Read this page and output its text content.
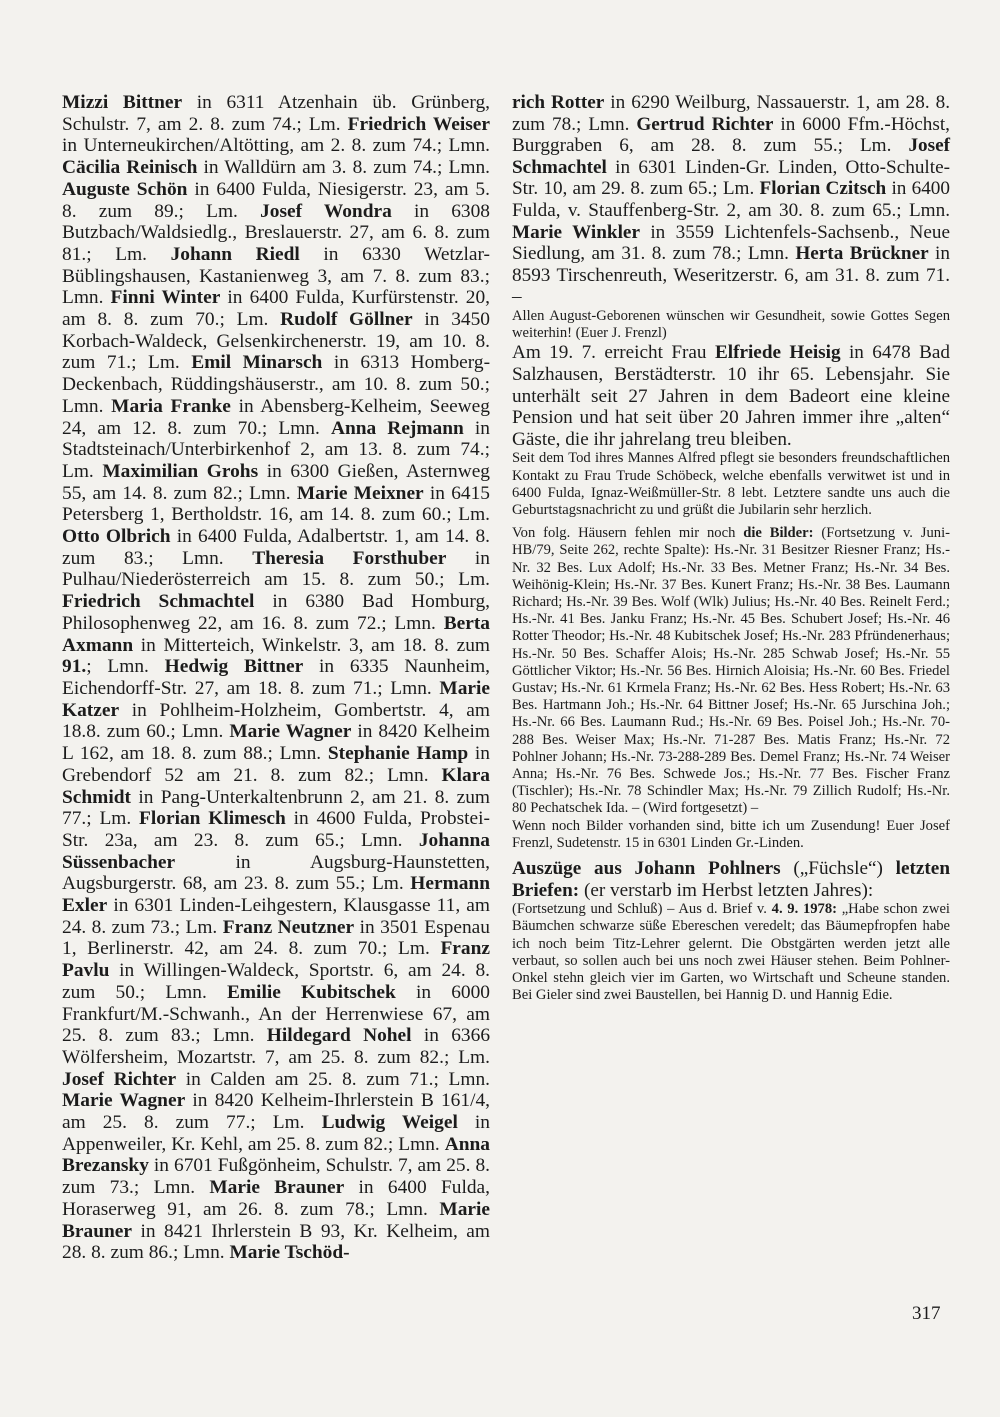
Mizzi Bittner in 6311 Atzenhain üb. Grünberg, Schulstr. 7, am 2. 8. zum 74.; Lm. Friedrich Weiser in Unterneukirchen/Altötting, am 2. 8. zum 74.; Lmn. Cäcilia Reinisch in Walldürn am 3. 8. zum 74.; Lmn. Auguste Schön in 6400 Fulda, Niesigerstr. 23, am 5. 8. zum 89.; Lm. Josef Wondra in 6308 Butzbach/Waldsiedlg., Breslauerstr. 27, am 6. 8. zum 81.; Lm. Johann Riedl in 6330 Wetzlar-Büblingshausen, Kastanienweg 3, am 7. 8. zum 83.; Lmn. Finni Winter in 6400 Fulda, Kurfürstenstr. 20, am 8. 8. zum 70.; Lm. Rudolf Göllner in 3450 Korbach-Waldeck, Gelsenkirchenerstr. 19, am 10. 8. zum 71.; Lm. Emil Minarsch in 6313 Homberg-Deckenbach, Rüddingshäuserstr., am 10. 8. zum 50.; Lmn. Maria Franke in Abensberg-Kelheim, Seeweg 24, am 12. 8. zum 70.; Lmn. Anna Rejmann in Stadtsteinach/Unterbirkenhof 2, am 13. 8. zum 74.; Lm. Maximilian Grohs in 6300 Gießen, Asternweg 55, am 14. 8. zum 82.; Lmn. Marie Meixner in 6415 Petersberg 1, Bertholdstr. 16, am 14. 8. zum 60.; Lm. Otto Olbrich in 6400 Fulda, Adalbertstr. 1, am 14. 8. zum 83.; Lmn. Theresia Forsthuber in Pulhau/Niederösterreich am 15. 8. zum 50.; Lm. Friedrich Schmachtel in 6380 Bad Homburg, Philosophenweg 22, am 16. 8. zum 72.; Lmn. Berta Axmann in Mitterteich, Winkelstr. 3, am 18. 8. zum 91.; Lmn. Hedwig Bittner in 6335 Naunheim, Eichendorff-Str. 27, am 18. 8. zum 71.; Lmn. Marie Katzer in Pohlheim-Holzheim, Gombertstr. 4, am 18.8. zum 60.; Lmn. Marie Wagner in 8420 Kelheim L 162, am 18. 8. zum 88.; Lmn. Stephanie Hamp in Grebendorf 52 am 21. 8. zum 82.; Lmn. Klara Schmidt in Pang-Unterkaltenbrunn 2, am 21. 8. zum 77.; Lm. Florian Klimesch in 4600 Fulda, Probstei-Str. 23a, am 23. 8. zum 65.; Lmn. Johanna Süssenbacher in Augsburg-Haunstetten, Augsburgerstr. 68, am 23. 8. zum 55.; Lm. Hermann Exler in 6301 Linden-Leihgestern, Klausgasse 11, am 24. 8. zum 73.; Lm. Franz Neutzner in 3501 Espenau 1, Berlinerstr. 42, am 24. 8. zum 70.; Lm. Franz Pavlu in Willingen-Waldeck, Sportstr. 6, am 24. 8. zum 50.; Lmn. Emilie Kubitschek in 6000 Frankfurt/M.-Schwanh., An der Herrenwiese 67, am 25. 8. zum 83.; Lmn. Hildegard Nohel in 6366 Wölfersheim, Mozartstr. 7, am 25. 8. zum 82.; Lm. Josef Richter in Calden am 25. 8. zum 71.; Lmn. Marie Wagner in 8420 Kelheim-Ihrlerstein B 161/4, am 25. 8. zum 77.; Lm. Ludwig Weigel in Appenweiler, Kr. Kehl, am 25. 8. zum 82.; Lmn. Anna Brezansky in 6701 Fußgönheim, Schulstr. 7, am 25. 8. zum 73.; Lmn. Marie Brauner in 6400 Fulda, Horaserweg 91, am 26. 8. zum 78.; Lmn. Marie Brauner in 8421 Ihrlerstein B 93, Kr. Kelheim, am 28. 8. zum 86.; Lmn. Marie Tschöd-

rich Rotter in 6290 Weilburg, Nassauerstr. 1, am 28. 8. zum 78.; Lmn. Gertrud Richter in 6000 Ffm.-Höchst, Burggraben 6, am 28. 8. zum 55.; Lm. Josef Schmachtel in 6301 Linden-Gr. Linden, Otto-Schulte-Str. 10, am 29. 8. zum 65.; Lm. Florian Czitsch in 6400 Fulda, v. Stauffenberg-Str. 2, am 30. 8. zum 65.; Lmn. Marie Winkler in 3559 Lichtenfels-Sachsenb., Neue Siedlung, am 31. 8. zum 78.; Lmn. Herta Brückner in 8593 Tirschenreuth, Weseritzerstr. 6, am 31. 8. zum 71. –

Allen August-Geborenen wünschen wir Gesundheit, sowie Gottes Segen weiterhin! (Euer J. Frenzl)

Am 19. 7. erreicht Frau Elfriede Heisig in 6478 Bad Salzhausen, Berstädterstr. 10 ihr 65. Lebensjahr. Sie unterhält seit 27 Jahren in dem Badeort eine kleine Pension und hat seit über 20 Jahren immer ihre „alten“ Gäste, die ihr jahrelang treu bleiben.

Seit dem Tod ihres Mannes Alfred pflegt sie besonders freundschaftlichen Kontakt zu Frau Trude Schöbeck, welche ebenfalls verwitwet ist und in 6400 Fulda, Ignaz-Weißmüller-Str. 8 lebt. Letztere sandte uns auch die Geburtstagsnachricht zu und grüßt die Jubilarin sehr herzlich.

Von folg. Häusern fehlen mir noch die Bilder: (Fortsetzung v. Juni-HB/79, Seite 262, rechte Spalte): Hs.-Nr. 31 Besitzer Riesner Franz; Hs.-Nr. 32 Bes. Lux Adolf; Hs.-Nr. 33 Bes. Metner Franz; Hs.-Nr. 34 Bes. Weihönig-Klein; Hs.-Nr. 37 Bes. Kunert Franz; Hs.-Nr. 38 Bes. Laumann Richard; Hs.-Nr. 39 Bes. Wolf (Wlk) Julius; Hs.-Nr. 40 Bes. Reinelt Ferd.; Hs.-Nr. 41 Bes. Janku Franz; Hs.-Nr. 45 Bes. Schubert Josef; Hs.-Nr. 46 Rotter Theodor; Hs.-Nr. 48 Kubitschek Josef; Hs.-Nr. 283 Pfründenerhaus; Hs.-Nr. 50 Bes. Schaffer Alois; Hs.-Nr. 285 Schwab Josef; Hs.-Nr. 55 Göttlicher Viktor; Hs.-Nr. 56 Bes. Hirnich Aloisia; Hs.-Nr. 60 Bes. Friedel Gustav; Hs.-Nr. 61 Krmela Franz; Hs.-Nr. 62 Bes. Hess Robert; Hs.-Nr. 63 Bes. Hartmann Joh.; Hs.-Nr. 64 Bittner Josef; Hs.-Nr. 65 Jurschina Joh.; Hs.-Nr. 66 Bes. Laumann Rud.; Hs.-Nr. 69 Bes. Poisel Joh.; Hs.-Nr. 70-288 Bes. Weiser Max; Hs.-Nr. 71-287 Bes. Matis Franz; Hs.-Nr. 72 Pohlner Johann; Hs.-Nr. 73-288-289 Bes. Demel Franz; Hs.-Nr. 74 Weiser Anna; Hs.-Nr. 76 Bes. Schwede Jos.; Hs.-Nr. 77 Bes. Fischer Franz (Tischler); Hs.-Nr. 78 Schindler Max; Hs.-Nr. 79 Zillich Rudolf; Hs.-Nr. 80 Pechatschek Ida. – (Wird fortgesetzt) –

Wenn noch Bilder vorhanden sind, bitte ich um Zusendung! Euer Josef Frenzl, Sudetenstr. 15 in 6301 Linden Gr.-Linden.

Auszüge aus Johann Pohlners („Füchsle“) letzten Briefen: (er verstarb im Herbst letzten Jahres):

(Fortsetzung und Schluß) – Aus d. Brief v. 4. 9. 1978: „Habe schon zwei Bäumchen schwarze süße Ebereschen veredelt; das Bäumepfropfen habe ich noch beim Titz-Lehrer gelernt. Die Obstgärten werden jetzt alle verbaut, so sollen auch bei uns noch zwei Häuser stehen. Beim Pohlner-Onkel stehn gleich vier im Garten, wo Wirtschaft und Scheune standen. Bei Gieler sind zwei Baustellen, bei Hannig D. und Hannig Edie.

317
